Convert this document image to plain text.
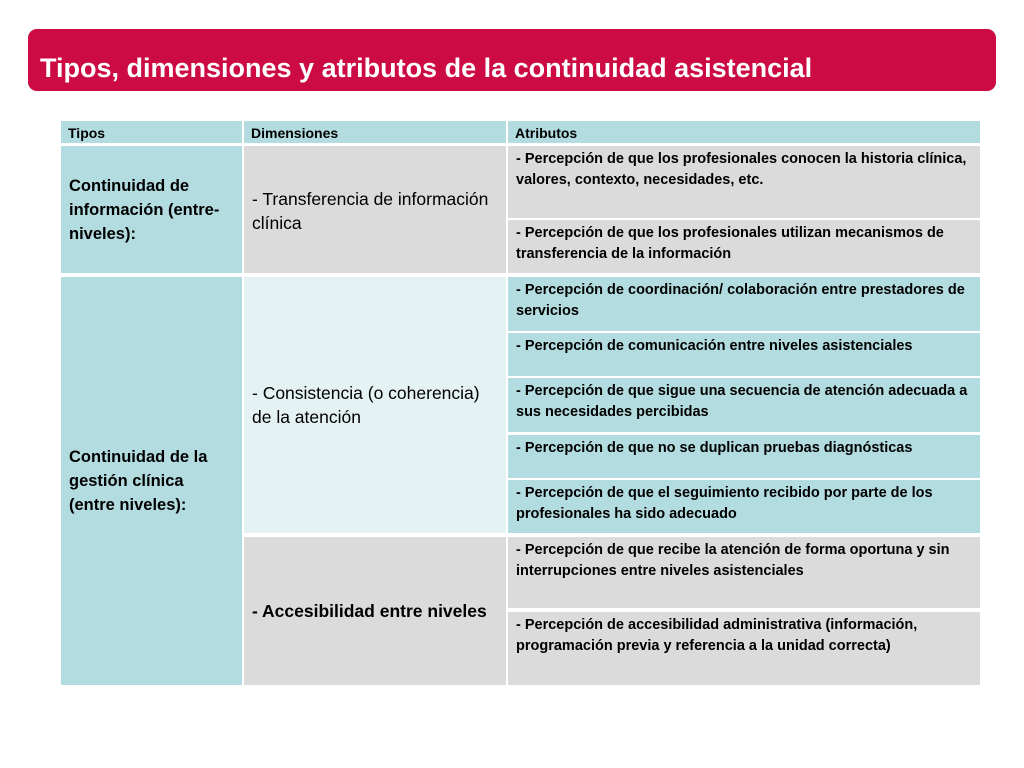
Tipos, dimensiones y atributos de la continuidad asistencial
Tipos	Dimensiones	Atributos
Continuidad de información (entre-niveles):
Continuidad de la gestión clínica (entre niveles):
- Transferencia de información clínica
- Consistencia (o coherencia) de la atención
- Accesibilidad entre niveles
- Percepción de que los profesionales conocen la historia clínica, valores, contexto, necesidades, etc.
- Percepción de que los profesionales utilizan mecanismos de transferencia de la información
- Percepción de coordinación/ colaboración entre prestadores de servicios
- Percepción de comunicación entre niveles asistenciales
- Percepción de que sigue una secuencia de atención adecuada a sus necesidades percibidas
- Percepción de que no se duplican pruebas diagnósticas
- Percepción de que el seguimiento recibido por parte de los profesionales ha sido adecuado
- Percepción de que recibe la atención de forma oportuna y sin interrupciones entre niveles asistenciales
- Percepción de accesibilidad administrativa (información, programación previa y referencia a la unidad correcta)
